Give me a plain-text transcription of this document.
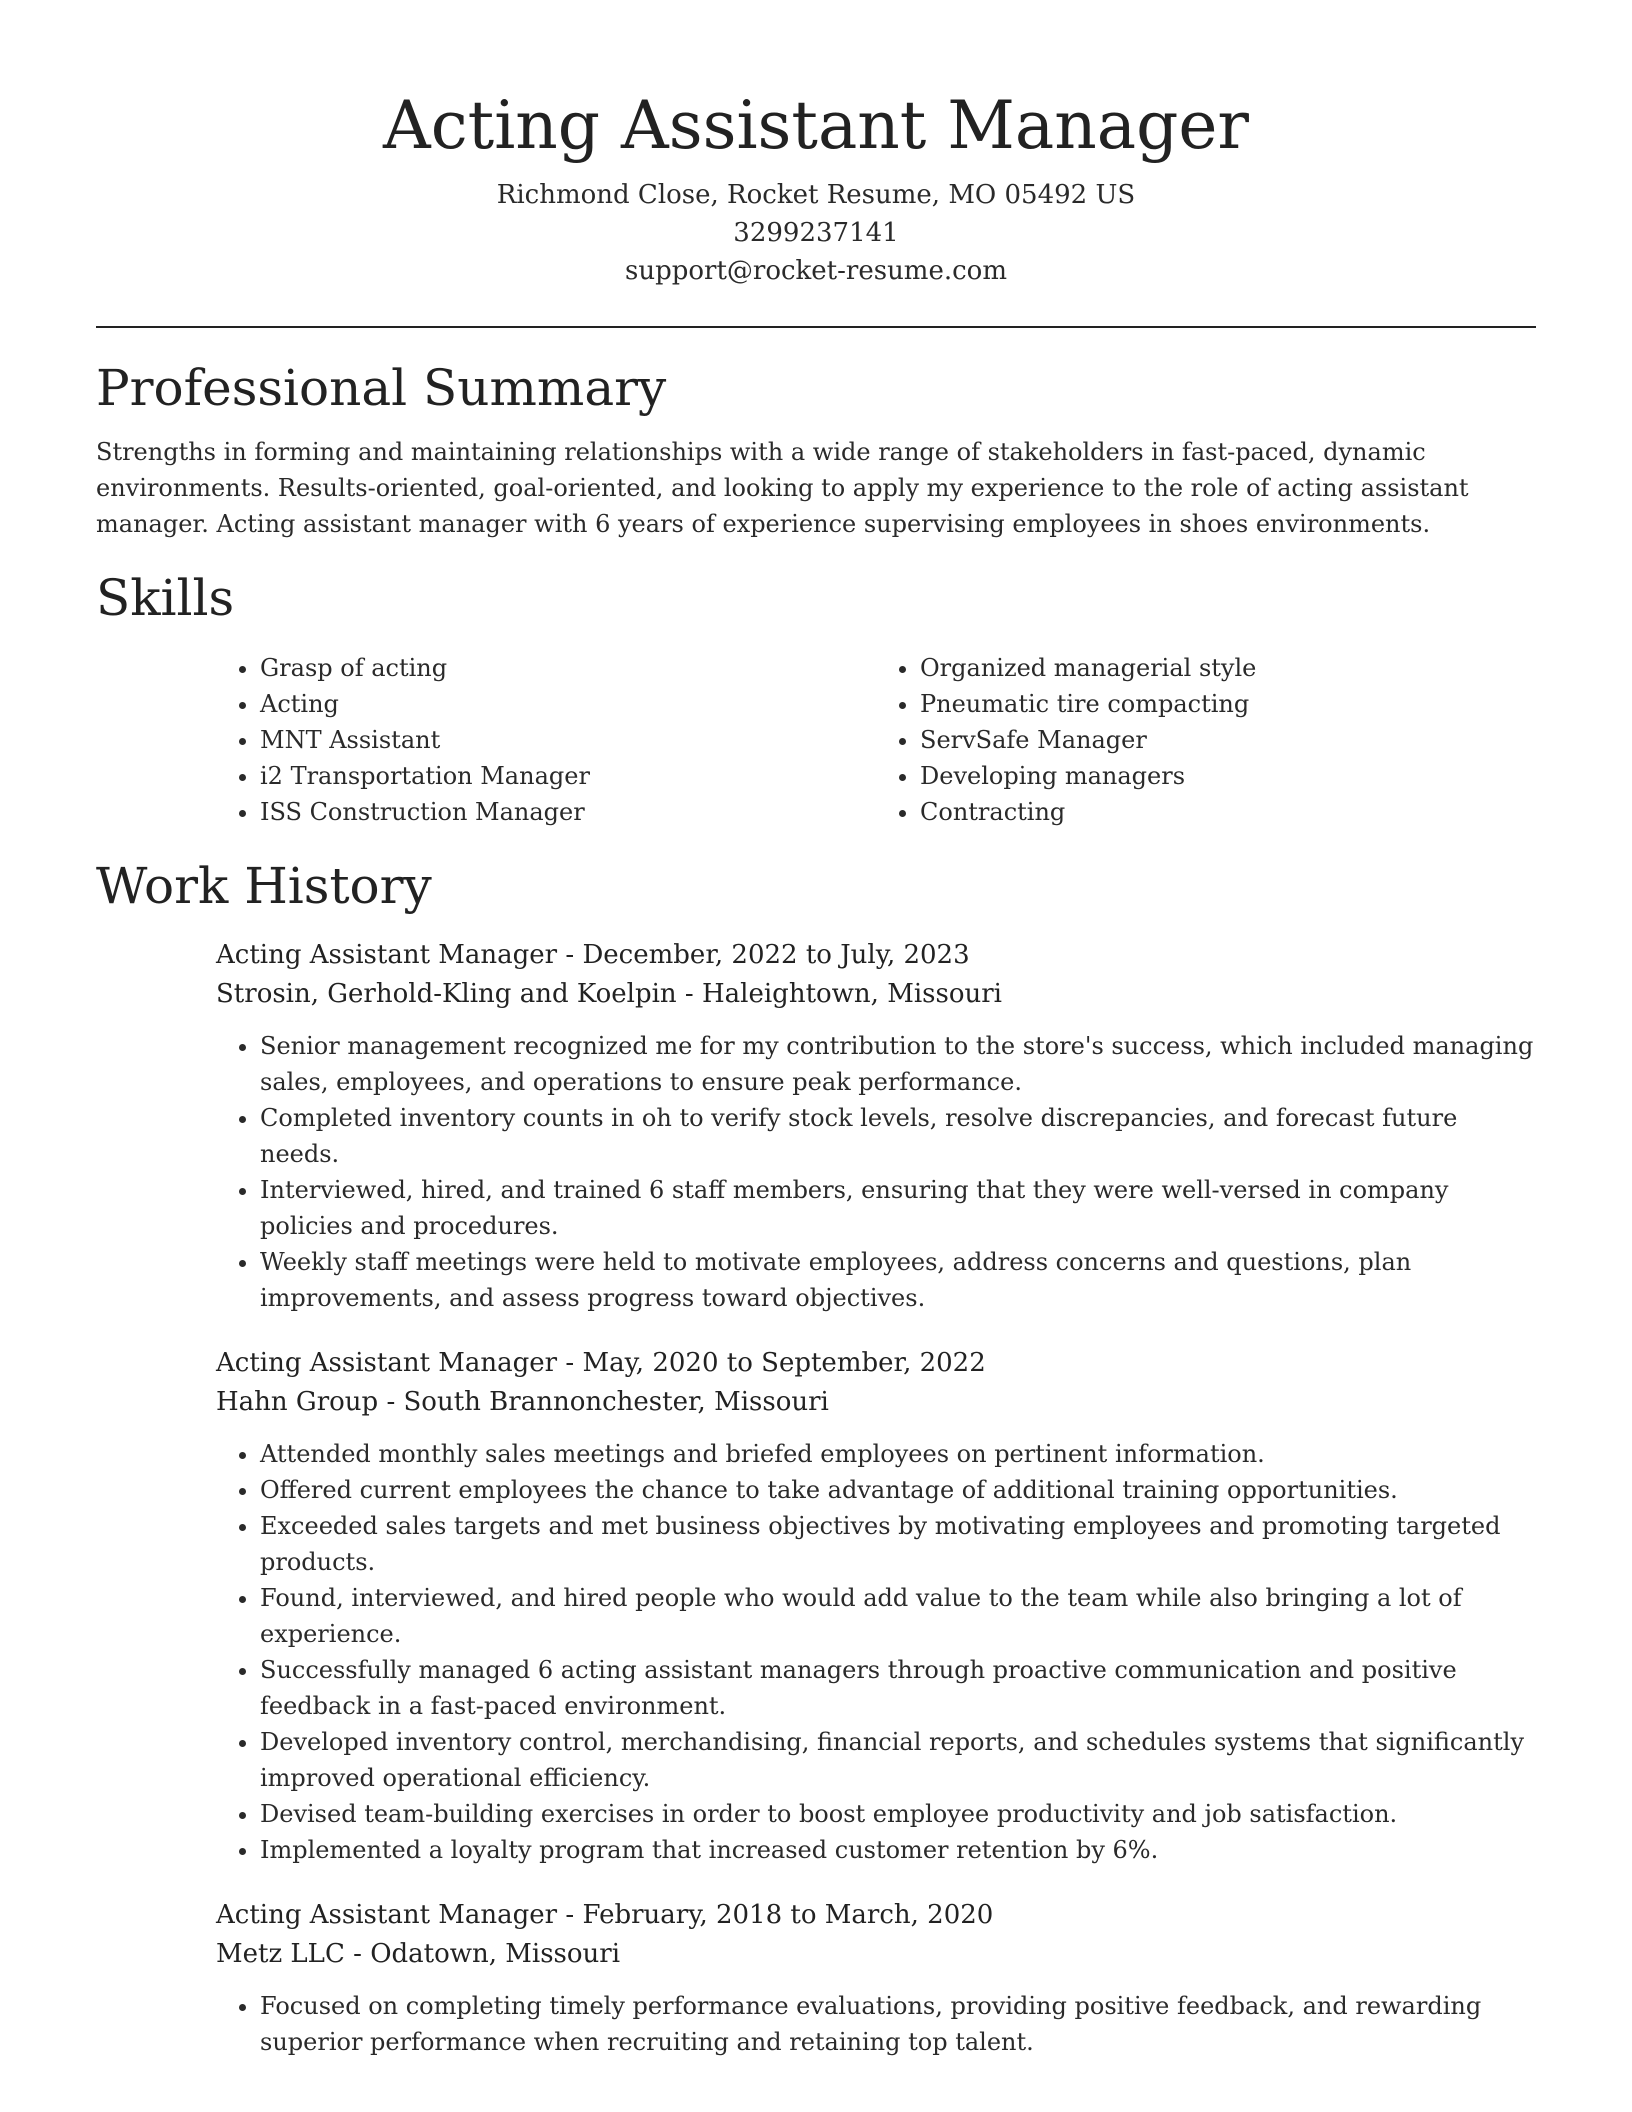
Acting Assistant Manager

Richmond Close, Rocket Resume, MO 05492 US

3299237141

support@rocket-resume.com

Professional Summary

Strengths in forming and maintaining relationships with a wide range of stakeholders in fast-paced, dynamic environments. Results-oriented, goal-oriented, and looking to apply my experience to the role of acting assistant manager. Acting assistant manager with 6 years of experience supervising employees in shoes environments.

Skills
• Grasp of acting
• Acting
• MNT Assistant
• i2 Transportation Manager
• ISS Construction Manager
• Organized managerial style
• Pneumatic tire compacting
• ServSafe Manager
• Developing managers
• Contracting
Work History

Acting Assistant Manager - December, 2022 to July, 2023

Strosin, Gerhold-Kling and Koelpin - Haleightown, Missouri

• Senior management recognized me for my contribution to the store's success, which included managing sales, employees, and operations to ensure peak performance.
• Completed inventory counts in oh to verify stock levels, resolve discrepancies, and forecast future needs.
• Interviewed, hired, and trained 6 staff members, ensuring that they were well-versed in company policies and procedures.
• Weekly staff meetings were held to motivate employees, address concerns and questions, plan improvements, and assess progress toward objectives.

Acting Assistant Manager - May, 2020 to September, 2022

Hahn Group - South Brannonchester, Missouri

• Attended monthly sales meetings and briefed employees on pertinent information.
• Offered current employees the chance to take advantage of additional training opportunities.
• Exceeded sales targets and met business objectives by motivating employees and promoting targeted products.
• Found, interviewed, and hired people who would add value to the team while also bringing a lot of experience.
• Successfully managed 6 acting assistant managers through proactive communication and positive feedback in a fast-paced environment.
• Developed inventory control, merchandising, financial reports, and schedules systems that significantly improved operational efficiency.
• Devised team-building exercises in order to boost employee productivity and job satisfaction.
• Implemented a loyalty program that increased customer retention by 6%.

Acting Assistant Manager - February, 2018 to March, 2020

Metz LLC - Odatown, Missouri

• Focused on completing timely performance evaluations, providing positive feedback, and rewarding superior performance when recruiting and retaining top talent.
